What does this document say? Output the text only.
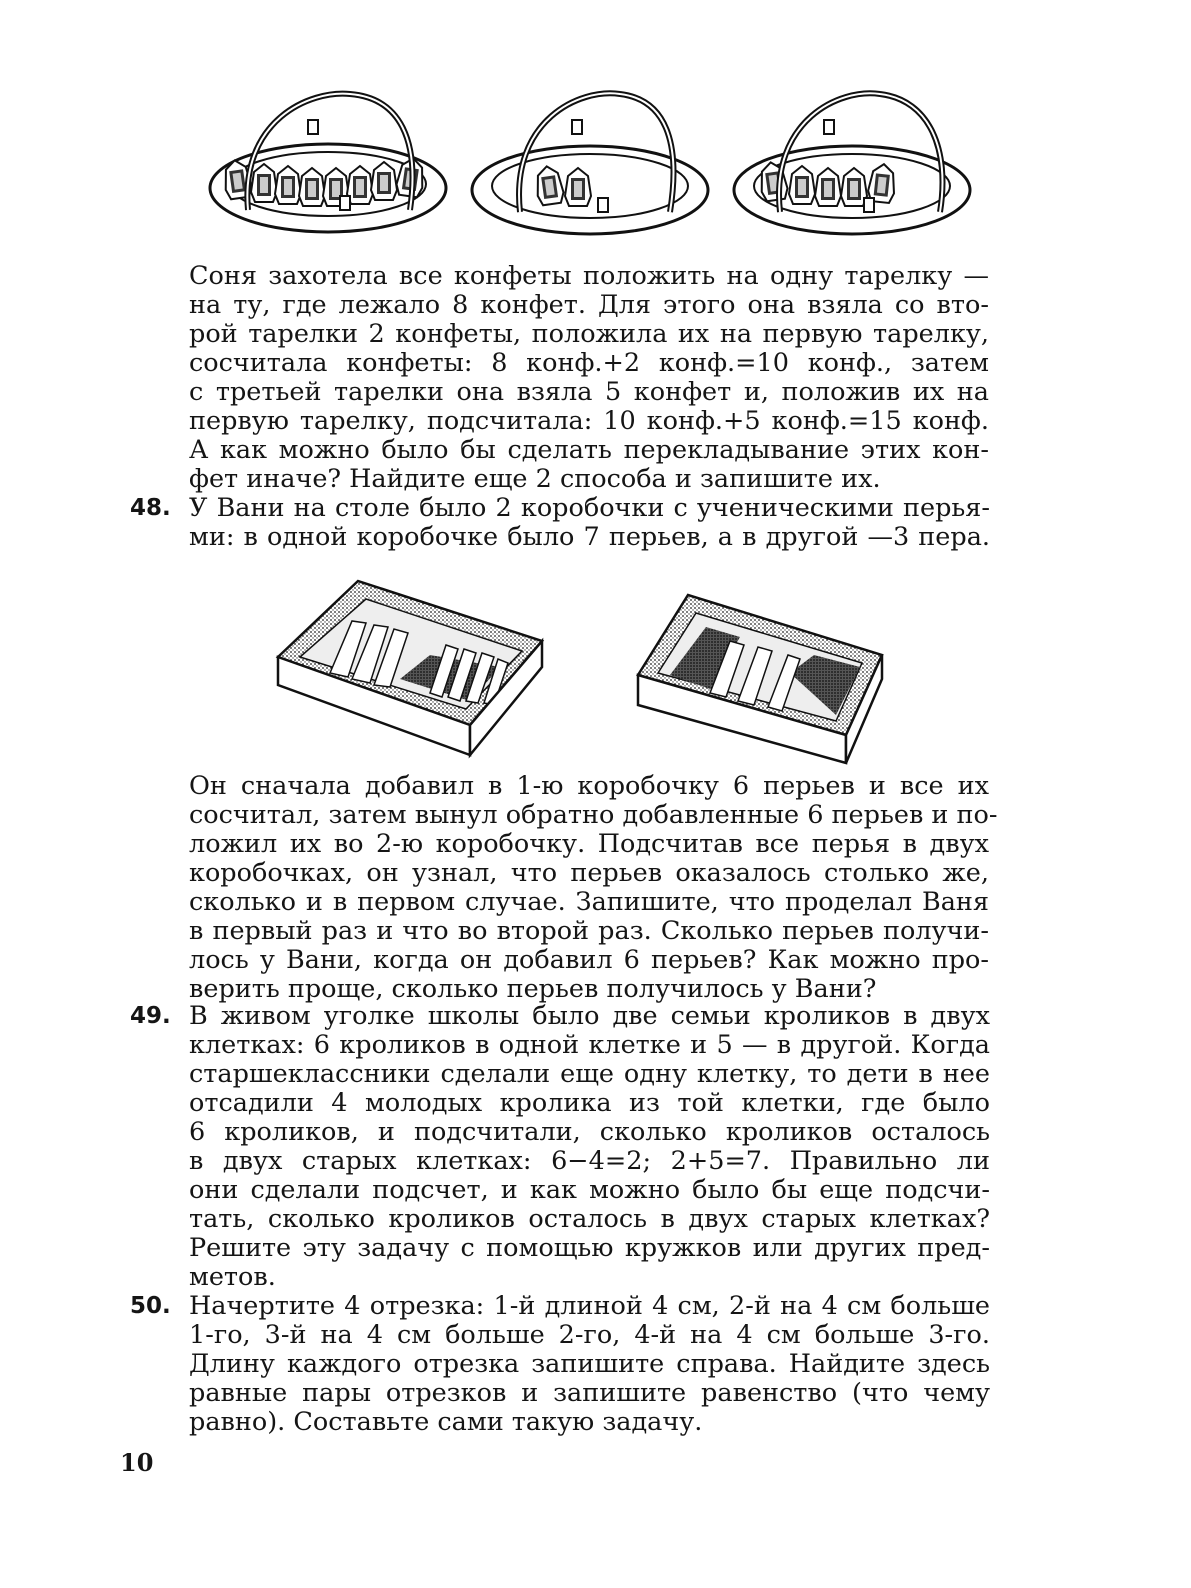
Соня захотела все конфеты положить на одну тарелку —
на ту, где лежало 8 конфет. Для этого она взяла со вто-
рой тарелки 2 конфеты, положила их на первую тарелку,
сосчитала конфеты: 8 конф.+2 конф.=10 конф., затем
с третьей тарелки она взяла 5 конфет и, положив их на
первую тарелку, подсчитала: 10 конф.+5 конф.=15 конф.
А как можно было бы сделать перекладывание этих кон-
фет иначе? Найдите еще 2 способа и запишите их.
48. У Вани на столе было 2 коробочки с ученическими перья-
ми: в одной коробочке было 7 перьев, а в другой —3 пера.
Он сначала добавил в 1-ю коробочку 6 перьев и все их
сосчитал, затем вынул обратно добавленные 6 перьев и по-
ложил их во 2-ю коробочку. Подсчитав все перья в двух
коробочках, он узнал, что перьев оказалось столько же,
сколько и в первом случае. Запишите, что проделал Ваня
в первый раз и что во второй раз. Сколько перьев получи-
лось у Вани, когда он добавил 6 перьев? Как можно про-
верить проще, сколько перьев получилось у Вани?
49. В живом уголке школы было две семьи кроликов в двух
клетках: 6 кроликов в одной клетке и 5 — в другой. Когда
старшеклассники сделали еще одну клетку, то дети в нее
отсадили 4 молодых кролика из той клетки, где было
6 кроликов, и подсчитали, сколько кроликов осталось
в двух старых клетках: 6−4=2; 2+5=7. Правильно ли
они сделали подсчет, и как можно было бы еще подсчи-
тать, сколько кроликов осталось в двух старых клетках?
Решите эту задачу с помощью кружков или других пред-
метов.
50. Начертите 4 отрезка: 1-й длиной 4 см, 2-й на 4 см больше
1-го, 3-й на 4 см больше 2-го, 4-й на 4 см больше 3-го.
Длину каждого отрезка запишите справа. Найдите здесь
равные пары отрезков и запишите равенство (что чему
равно). Составьте сами такую задачу.
10
